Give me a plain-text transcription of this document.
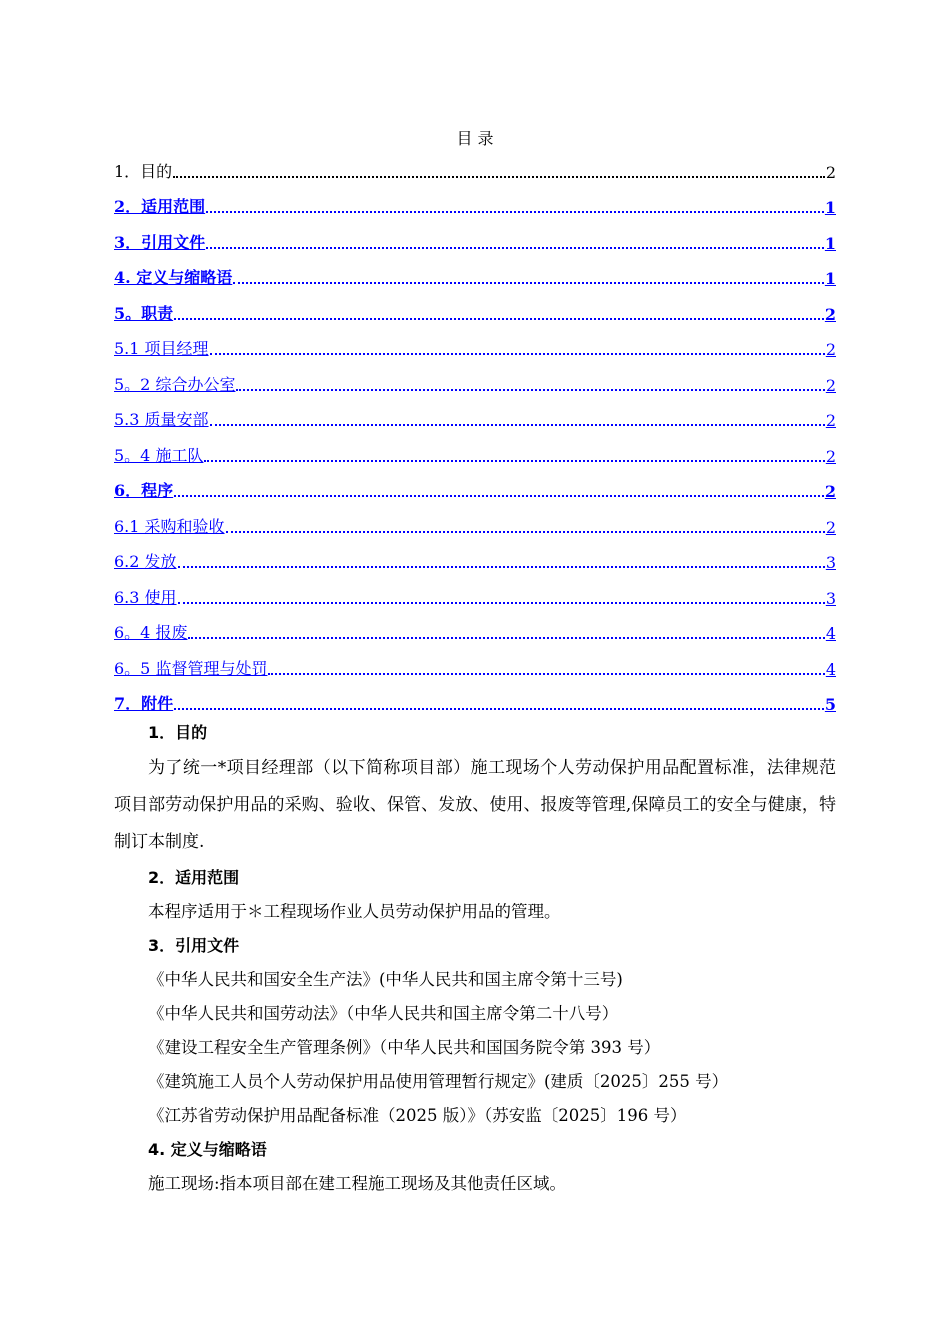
目 录
1．目的	2
2．适用范围	1
3．引用文件	1
4. 定义与缩略语	1
5。职责	2
5.1 项目经理	2
5。2 综合办公室	2
5.3 质量安部	2
5。4 施工队	2
6．程序	2
6.1 采购和验收	2
6.2 发放	3
6.3 使用	3
6。4 报废	4
6。5 监督管理与处罚	4
7．附件	5
1．目的
为了统一*项目经理部（以下简称项目部）施工现场个人劳动保护用品配置标准，法律规范项目部劳动保护用品的采购、验收、保管、发放、使用、报废等管理,保障员工的安全与健康，特制订本制度.
2．适用范围
本程序适用于＊工程现场作业人员劳动保护用品的管理。
3．引用文件
《中华人民共和国安全生产法》(中华人民共和国主席令第十三号)
《中华人民共和国劳动法》（中华人民共和国主席令第二十八号）
《建设工程安全生产管理条例》（中华人民共和国国务院令第 393 号）
《建筑施工人员个人劳动保护用品使用管理暂行规定》(建质〔2025〕255 号）
《江苏省劳动保护用品配备标准（2025 版）》（苏安监〔2025〕196 号）
4. 定义与缩略语
施工现场:指本项目部在建工程施工现场及其他责任区域。
